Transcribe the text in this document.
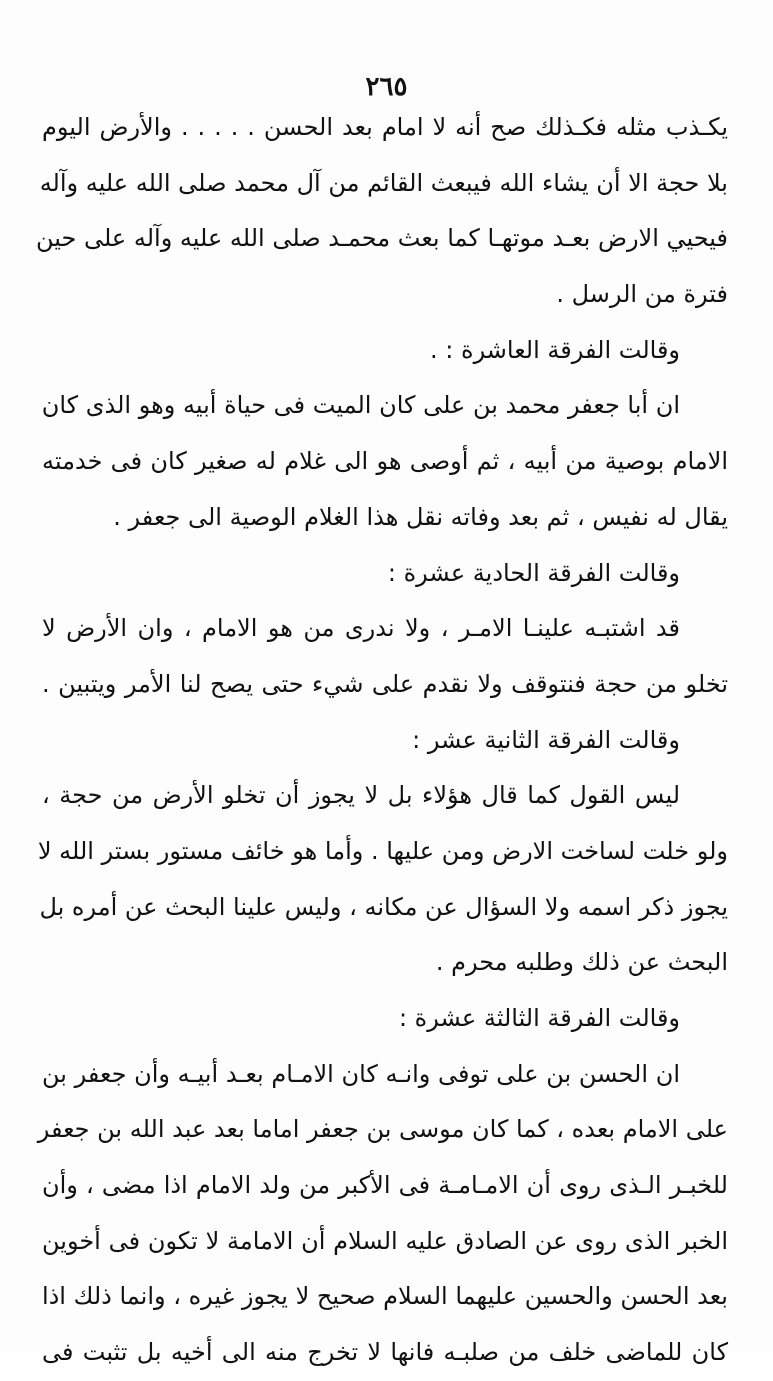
٢٦٥
يكـذب مثله فكـذلك صح أنه لا امام بعد الحسن . . . . . والأرض اليوم
بلا حجة الا أن يشاء الله فيبعث القائم من آل محمد صلى الله عليه وآله
فيحيي الارض بعـد موتهـا كما بعث محمـد صلى الله عليه وآله على حين
فترة من الرسل .
وقالت الفرقة العاشرة : .
ان أبا جعفر محمد بن على كان الميت فى حياة أبيه وهو الذى كان
الامام بوصية من أبيه ، ثم أوصى هو الى غلام له صغير كان فى خدمته
يقال له نفيس ، ثم بعد وفاته نقل هذا الغلام الوصية الى جعفر .
وقالت الفرقة الحادية عشرة :
قد اشتبـه علينـا الامـر ، ولا ندرى من هو الامام ، وان الأرض لا
تخلو من حجة فنتوقف ولا نقدم على شيء حتى يصح لنا الأمر ويتبين .
وقالت الفرقة الثانية عشر :
ليس القول كما قال هؤلاء بل لا يجوز أن تخلو الأرض من حجة ،
ولو خلت لساخت الارض ومن عليها . وأما هو خائف مستور بستر الله لا
يجوز ذكر اسمه ولا السؤال عن مكانه ، وليس علينا البحث عن أمره بل
البحث عن ذلك وطلبه محرم .
وقالت الفرقة الثالثة عشرة :
ان الحسن بن على توفى وانـه كان الامـام بعـد أبيـه وأن جعفر بن
على الامام بعده ، كما كان موسى بن جعفر اماما بعد عبد الله بن جعفر
للخبـر الـذى روى أن الامـامـة فى الأكبر من ولد الامام اذا مضى ، وأن
الخبر الذى روى عن الصادق عليه السلام أن الامامة لا تكون فى أخوين
بعد الحسن والحسين عليهما السلام صحيح لا يجوز غيره ، وانما ذلك اذا
كان للماضى خلف من صلبـه فانها لا تخرج منه الى أخيه بل تثبت فى
